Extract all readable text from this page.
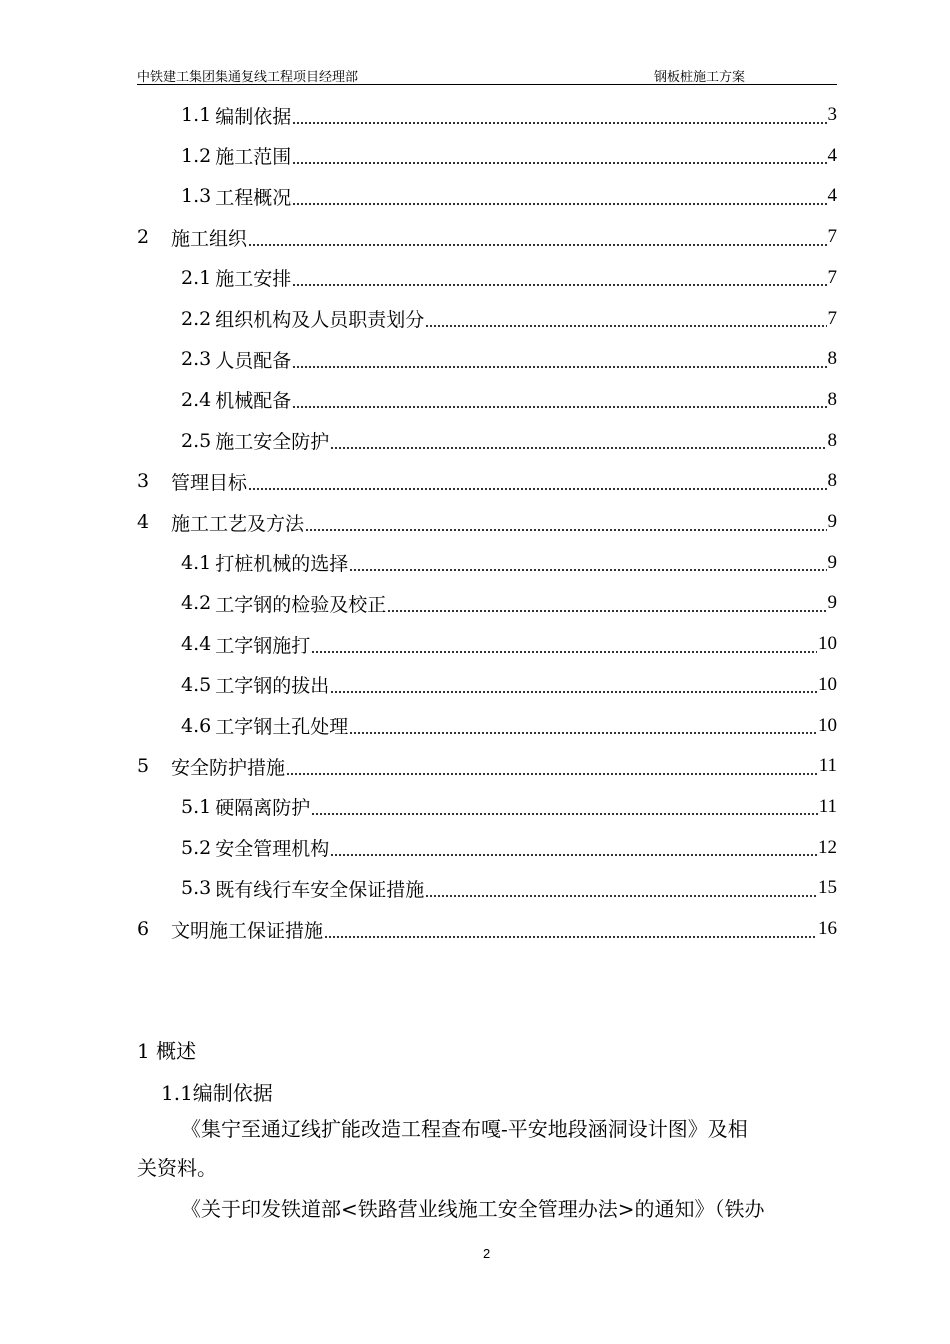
中铁建工集团集通复线工程项目经理部	钢板桩施工方案
1.1 编制依据	3
1.2 施工范围	4
1.3 工程概况	4
2	施工组织	7
2.1 施工安排	7
2.2 组织机构及人员职责划分	7
2.3 人员配备	8
2.4 机械配备	8
2.5 施工安全防护	8
3	管理目标	8
4	施工工艺及方法	9
4.1 打桩机械的选择	9
4.2 工字钢的检验及校正	9
4.4 工字钢施打	10
4.5 工字钢的拔出	10
4.6 工字钢土孔处理	10
5	安全防护措施	11
5.1 硬隔离防护	11
5.2 安全管理机构	12
5.3 既有线行车安全保证措施	15
6	文明施工保证措施	16
1 概述
1.1编制依据
《集宁至通辽线扩能改造工程查布嘎-平安地段涵洞设计图》及相
关资料。
《关于印发铁道部<铁路营业线施工安全管理办法>的通知》（铁办
2
